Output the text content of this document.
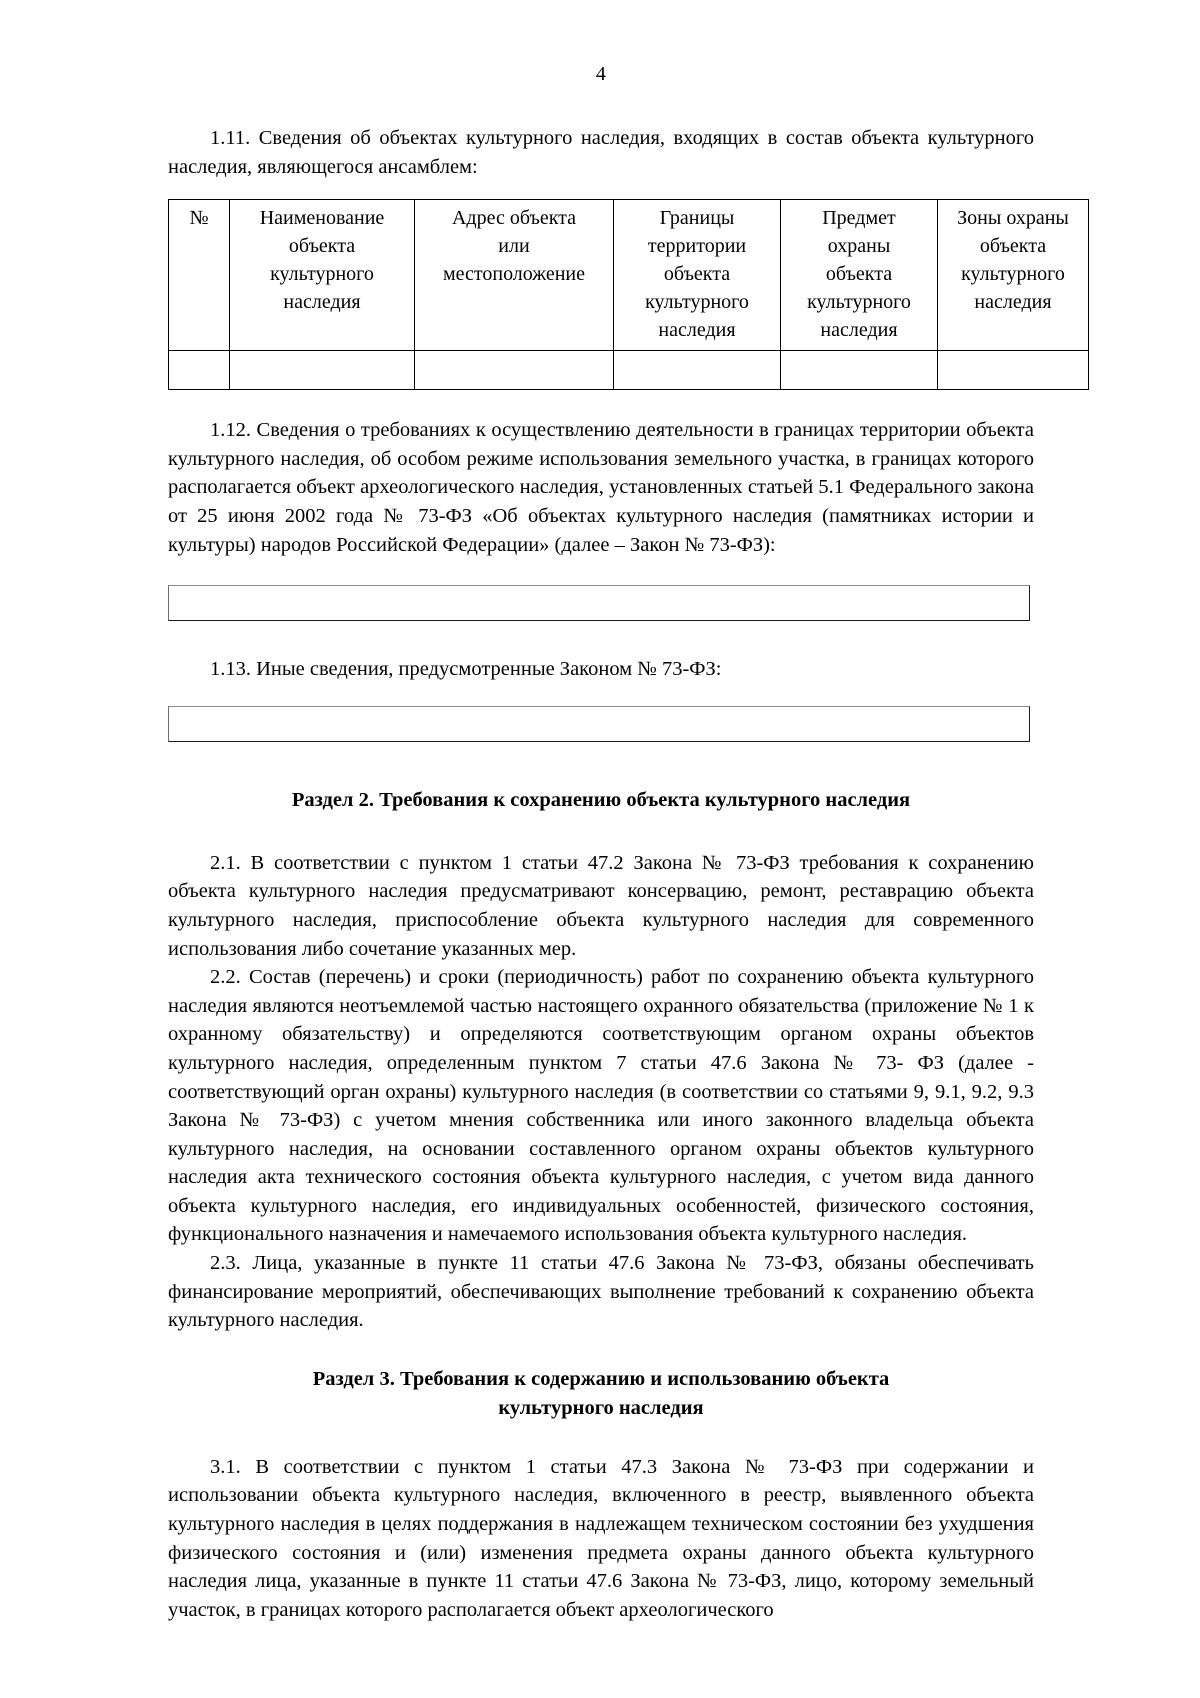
4

1.11. Сведения об объектах культурного наследия, входящих в состав объекта культурного наследия, являющегося ансамблем:

№	Наименование
объекта
культурного
наследия	Адрес объекта
или
местоположение	Границы
территории
объекта
культурного
наследия	Предмет
охраны
объекта
культурного
наследия	Зоны охраны
объекта
культурного
наследия

1.12. Сведения о требованиях к осуществлению деятельности в границах территории объекта культурного наследия, об особом режиме использования земельного участка, в границах которого располагается объект археологического наследия, установленных статьей 5.1 Федерального закона от 25 июня 2002 года № 73-ФЗ «Об объектах культурного наследия (памятниках истории и культуры) народов Российской Федерации» (далее – Закон № 73-ФЗ):

1.13. Иные сведения, предусмотренные Законом № 73-ФЗ:

Раздел 2. Требования к сохранению объекта культурного наследия

2.1. В соответствии с пунктом 1 статьи 47.2 Закона № 73-ФЗ требования к сохранению объекта культурного наследия предусматривают консервацию, ремонт, реставрацию объекта культурного наследия, приспособление объекта культурного наследия для современного использования либо сочетание указанных мер.

2.2. Состав (перечень) и сроки (периодичность) работ по сохранению объекта культурного наследия являются неотъемлемой частью настоящего охранного обязательства (приложение № 1 к охранному обязательству) и определяются соответствующим органом охраны объектов культурного наследия, определенным пунктом 7 статьи 47.6 Закона № 73- ФЗ (далее - соответствующий орган охраны) культурного наследия (в соответствии со статьями 9, 9.1, 9.2, 9.3 Закона № 73-ФЗ) с учетом мнения собственника или иного законного владельца объекта культурного наследия, на основании составленного органом охраны объектов культурного наследия акта технического состояния объекта культурного наследия, с учетом вида данного объекта культурного наследия, его индивидуальных особенностей, физического состояния, функционального назначения и намечаемого использования объекта культурного наследия.

2.3. Лица, указанные в пункте 11 статьи 47.6 Закона № 73-ФЗ, обязаны обеспечивать финансирование мероприятий, обеспечивающих выполнение требований к сохранению объекта культурного наследия.

Раздел 3. Требования к содержанию и использованию объекта

культурного наследия

3.1. В соответствии с пунктом 1 статьи 47.3 Закона № 73-ФЗ при содержании и использовании объекта культурного наследия, включенного в реестр, выявленного объекта культурного наследия в целях поддержания в надлежащем техническом состоянии без ухудшения физического состояния и (или) изменения предмета охраны данного объекта культурного наследия лица, указанные в пункте 11 статьи 47.6 Закона № 73-ФЗ, лицо, которому земельный участок, в границах которого располагается объект археологического
